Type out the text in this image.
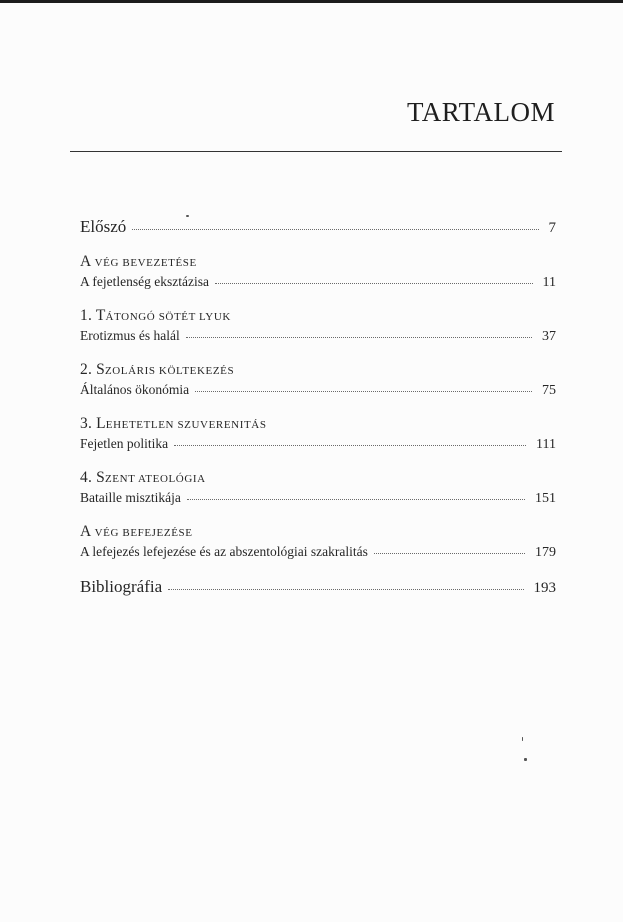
TARTALOM
Előszó	7
A VÉG BEVEZETÉSE
A fejetlenség eksztázisa	11
1. TÁTONGÓ SÖTÉT LYUK
Erotizmus és halál	37
2. SZOLÁRIS KÖLTEKEZÉS
Általános ökonómia	75
3. LEHETETLEN SZUVERENITÁS
Fejetlen politika	111
4. SZENT ATEOLÓGIA
Bataille misztikája	151
A VÉG BEFEJEZÉSE
A lefejezés lefejezése és az abszentológiai szakralitás	179
Bibliográfia	193
